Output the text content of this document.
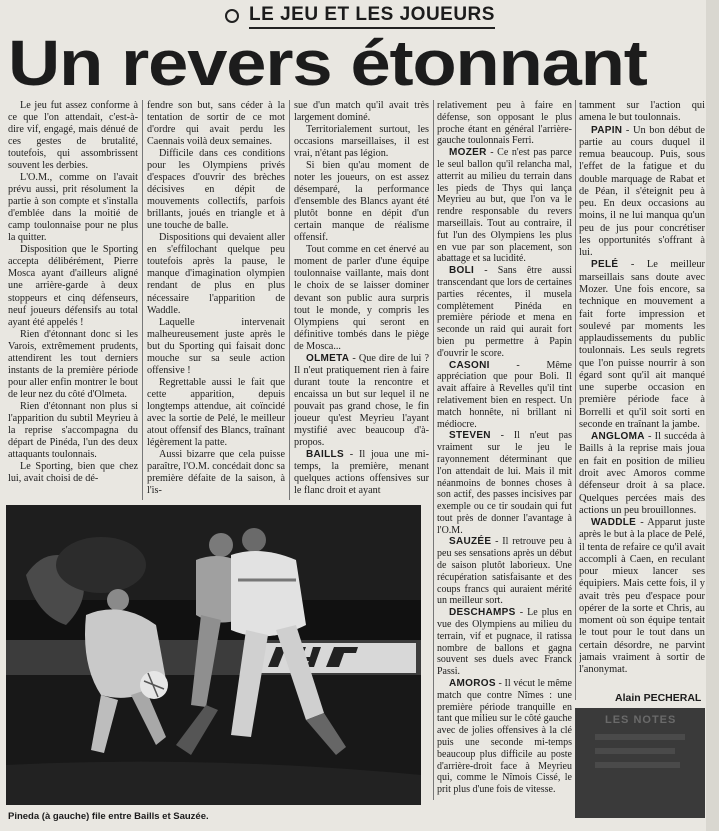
LE JEU ET LES JOUEURS
Un revers étonnant

Le jeu fut assez conforme à ce que l'on attendait, c'est-à-dire vif, engagé, mais dénué de ces gestes de brutalité, toutefois, qui assombrissent souvent les derbies.

L'O.M., comme on l'avait prévu aussi, prit résolument la partie à son compte et s'installa d'emblée dans la moitié de camp toulonnaise pour ne plus la quitter.

Disposition que le Sporting accepta délibérément, Pierre Mosca ayant d'ailleurs aligné une arrière-garde à deux stoppeurs et cinq défenseurs, neuf joueurs défensifs au total ayant été appelés !

Rien d'étonnant donc si les Varois, extrêmement prudents, attendirent les tout derniers instants de la première période pour aller enfin montrer le bout de leur nez du côté d'Olmeta.

Rien d'étonnant non plus si l'apparition du subtil Meyrieu à la reprise s'accompagna du départ de Pinéda, l'un des deux attaquants toulonnais.

Le Sporting, bien que chez lui, avait choisi de dé-

fendre son but, sans céder à la tentation de sortir de ce mot d'ordre qui avait perdu les Caennais voilà deux semaines.

Difficile dans ces conditions pour les Olympiens privés d'espaces d'ouvrir des brèches décisives en dépit de mouvements collectifs, parfois brillants, joués en triangle et à une touche de balle.

Dispositions qui devaient aller en s'effilochant quelque peu toutefois après la pause, le manque d'imagination olympien rendant de plus en plus nécessaire l'apparition de Waddle.

Laquelle intervenait malheureusement juste après le but du Sporting qui faisait donc mouche sur sa seule action offensive !

Regrettable aussi le fait que cette apparition, depuis longtemps attendue, ait coïncidé avec la sortie de Pelé, le meilleur atout offensif des Blancs, traînant légèrement la patte.

Aussi bizarre que cela puisse paraître, l'O.M. concédait donc sa première défaite de la saison, à l'is-

sue d'un match qu'il avait très largement dominé.

Territorialement surtout, les occasions marseillaises, il est vrai, n'étant pas légion.

Si bien qu'au moment de noter les joueurs, on est assez désemparé, la performance d'ensemble des Blancs ayant été plutôt bonne en dépit d'un certain manque de réalisme offensif.

Tout comme en cet énervé au moment de parler d'une équipe toulonnaise vaillante, mais dont le choix de se laisser dominer devant son public aura surpris tout le monde, y compris les Olympiens qui seront en définitive tombés dans le piège de Mosca...

OLMETA - Que dire de lui ? Il n'eut pratiquement rien à faire durant toute la rencontre et encaissa un but sur lequel il ne pouvait pas grand chose, le fin joueur qu'est Meyrieu l'ayant mystifié avec beaucoup d'à-propos.

BAILLS - Il joua une mi-temps, la première, menant quelques actions offensives sur le flanc droit et ayant

relativement peu à faire en défense, son opposant le plus proche étant en général l'arrière-gauche toulonnais Ferri.

MOZER - Ce n'est pas parce le seul ballon qu'il relancha mal, atterrit au milieu du terrain dans les pieds de Thys qui lança Meyrieu au but, que l'on va le rendre responsable du revers marseillais. Tout au contraire, il fut l'un des Olympiens les plus en vue par son placement, son abattage et sa lucidité.

BOLI - Sans être aussi transcendant que lors de certaines parties récentes, il musela complètement Pinéda en première période et mena en seconde un raid qui aurait fort bien pu permettre à Papin d'ouvrir le score.

CASONI - Même appréciation que pour Boli. Il avait affaire à Revelles qu'il tint relativement bien en respect. Un match honnête, ni brillant ni médiocre.

STEVEN - Il n'eut pas vraiment sur le jeu le rayonnement déterminant que l'on attendait de lui. Mais il mit néanmoins de bonnes choses à son actif, des passes incisives par exemple ou ce tir soudain qui fut tout près de donner l'avantage à l'O.M.

SAUZÉE - Il retrouve peu à peu ses sensations après un début de saison plutôt laborieux. Une récupération satisfaisante et des coups francs qui auraient mérité un meilleur sort.

DESCHAMPS - Le plus en vue des Olympiens au milieu du terrain, vif et pugnace, il ratissa nombre de ballons et gagna souvent ses duels avec Franck Passi.

AMOROS - Il vécut le même match que contre Nîmes : une première période tranquille en tant que milieu sur le côté gauche avec de jolies offensives à la clé puis une seconde mi-temps beaucoup plus difficile au poste d'arrière-droit face à Meyrieu qui, comme le Nîmois Cissé, le prit plus d'une fois de vitesse.

tamment sur l'action qui amena le but toulonnais.

PAPIN - Un bon début de partie au cours duquel il remua beaucoup. Puis, sous l'effet de la fatigue et du double marquage de Rabat et de Péan, il s'éteignit peu à peu. En deux occasions au moins, il ne lui manqua qu'un peu de jus pour concrétiser les opportunités s'offrant à lui.

PELÉ - Le meilleur marseillais sans doute avec Mozer. Une fois encore, sa technique en mouvement a fait forte impression et soulevé par moments les applaudissements du public toulonnais. Les seuls regrets que l'on puisse nourrir à son égard sont qu'il ait manqué une superbe occasion en première période face à Borrelli et qu'il soit sorti en seconde en traînant la jambe.

ANGLOMA - Il succéda à Baills à la reprise mais joua en fait en position de milieu droit avec Amoros comme défenseur droit à sa place. Quelques percées mais des actions un peu brouillonnes.

WADDLE - Apparut juste après le but à la place de Pelé, il tenta de refaire ce qu'il avait accompli à Caen, en reculant pour mieux lancer ses équipiers. Mais cette fois, il y avait très peu d'espace pour opérer de la sorte et Chris, au moment où son équipe tentait le tout pour le tout dans un certain désordre, ne parvint jamais vraiment à sortir de l'anonymat.

Pineda (à gauche) file entre Baills et Sauzée.
Alain PECHERAL
LES NOTES
